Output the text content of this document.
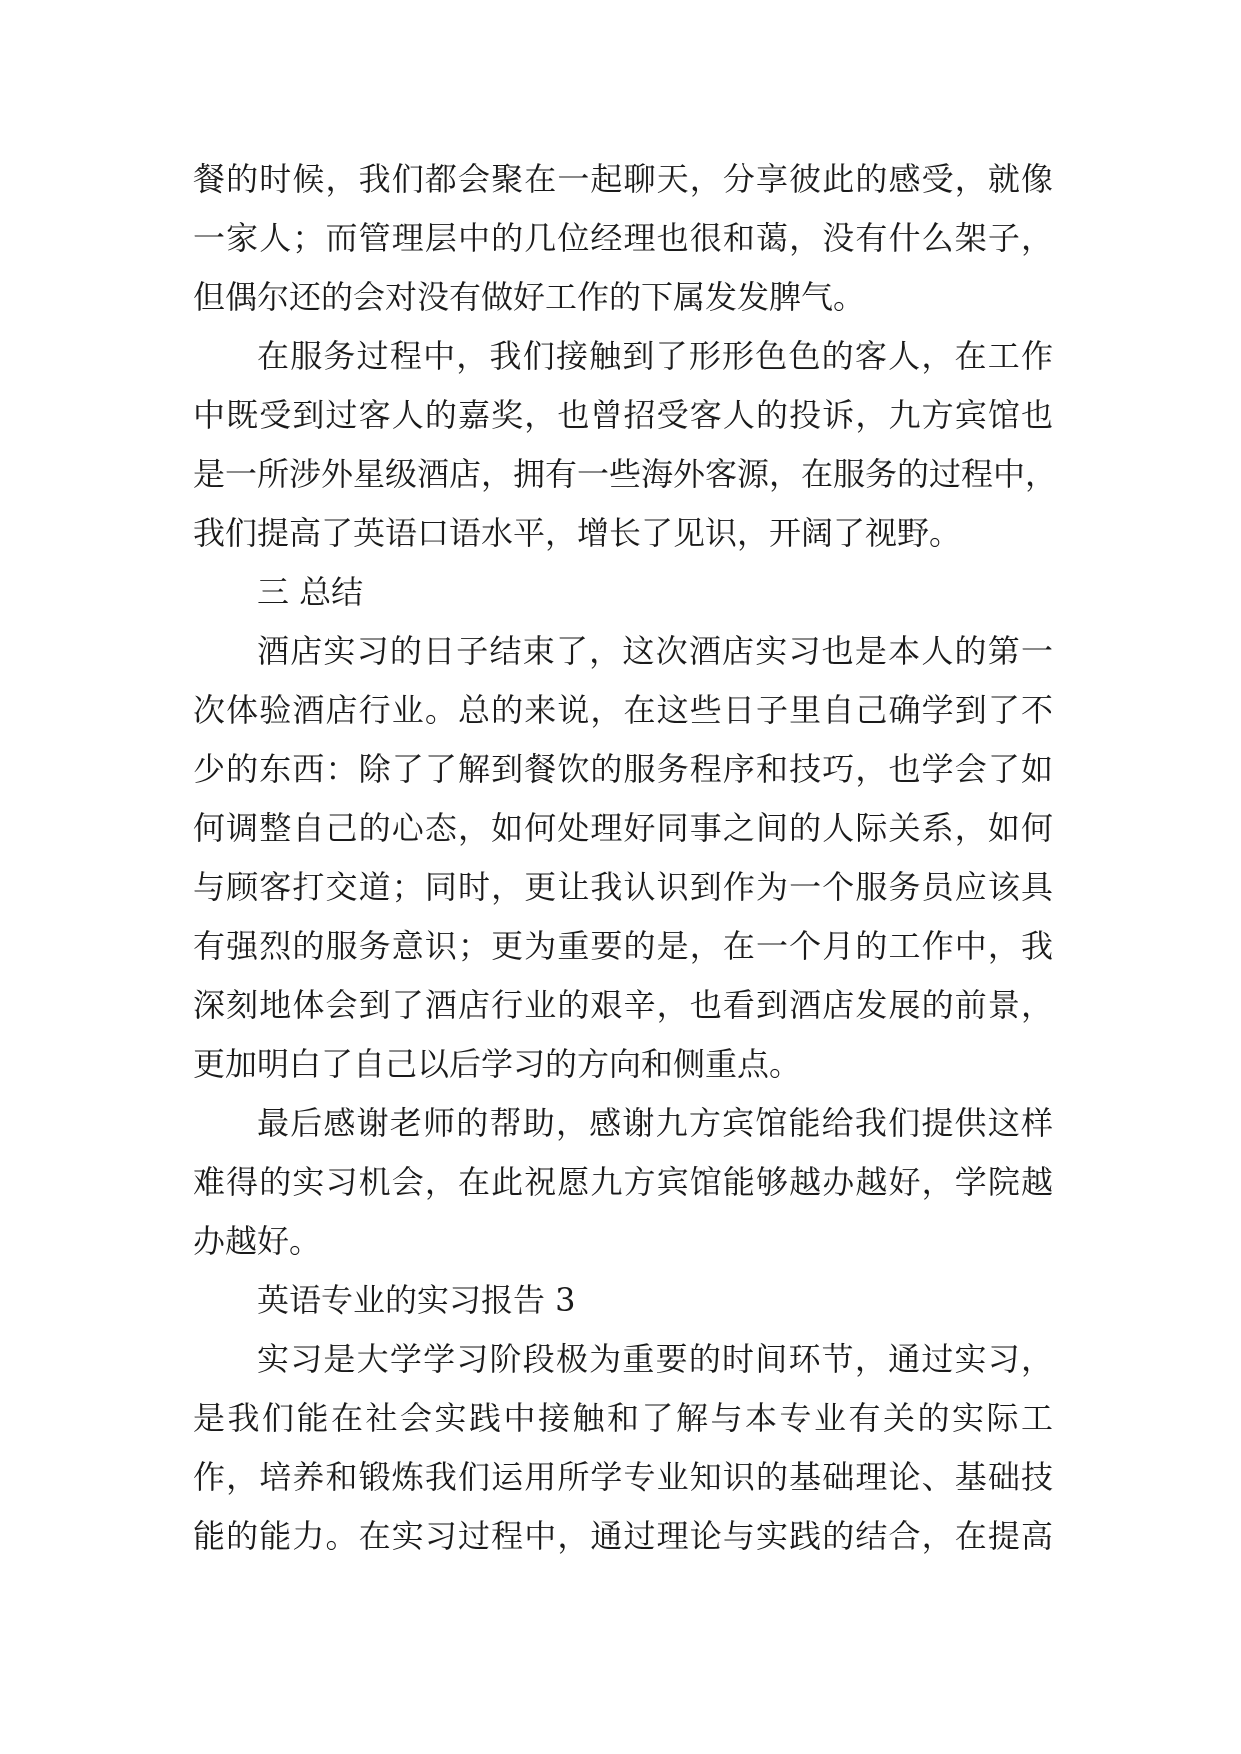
餐的时候，我们都会聚在一起聊天，分享彼此的感受，就像
一家人；而管理层中的几位经理也很和蔼，没有什么架子，
但偶尔还的会对没有做好工作的下属发发脾气。
在服务过程中，我们接触到了形形色色的客人，在工作
中既受到过客人的嘉奖，也曾招受客人的投诉，九方宾馆也
是一所涉外星级酒店，拥有一些海外客源，在服务的过程中，
我们提高了英语口语水平，增长了见识，开阔了视野。
三 总结
酒店实习的日子结束了，这次酒店实习也是本人的第一
次体验酒店行业。总的来说，在这些日子里自己确学到了不
少的东西：除了了解到餐饮的服务程序和技巧，也学会了如
何调整自己的心态，如何处理好同事之间的人际关系，如何
与顾客打交道；同时，更让我认识到作为一个服务员应该具
有强烈的服务意识；更为重要的是，在一个月的工作中，我
深刻地体会到了酒店行业的艰辛，也看到酒店发展的前景，
更加明白了自己以后学习的方向和侧重点。
最后感谢老师的帮助，感谢九方宾馆能给我们提供这样
难得的实习机会，在此祝愿九方宾馆能够越办越好，学院越
办越好。
英语专业的实习报告 3
实习是大学学习阶段极为重要的时间环节，通过实习，
是我们能在社会实践中接触和了解与本专业有关的实际工
作，培养和锻炼我们运用所学专业知识的基础理论、基础技
能的能力。在实习过程中，通过理论与实践的结合，在提高
